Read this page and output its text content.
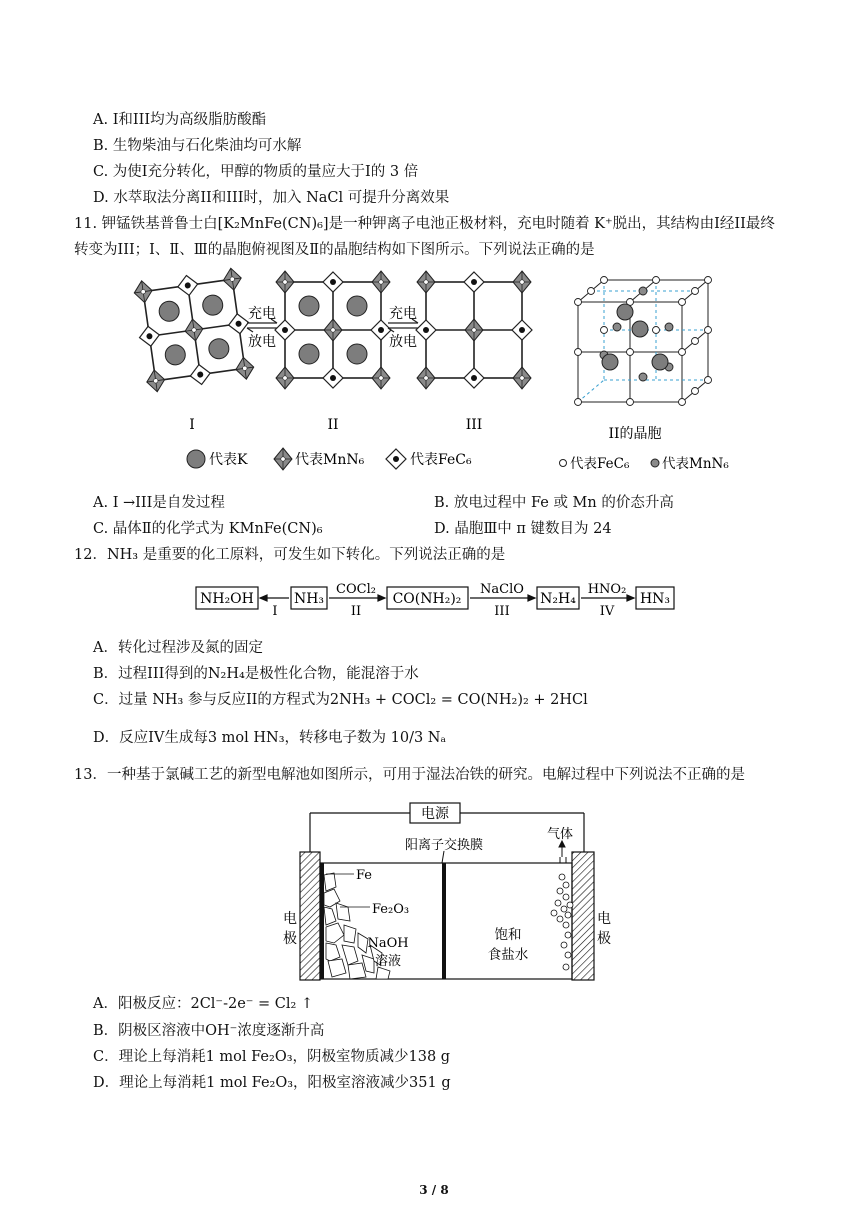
A. I和III均为高级脂肪酸酯
B. 生物柴油与石化柴油均可水解
C. 为使I充分转化，甲醇的物质的量应大于I的 3 倍
D. 水萃取法分离II和III时，加入 NaCl 可提升分离效果
11. 钾锰铁基普鲁士白[K₂MnFe(CN)₆]是一种钾离子电池正极材料，充电时随着 K⁺脱出，其结构由I经II最终
转变为III；Ⅰ、Ⅱ、Ⅲ的晶胞俯视图及Ⅱ的晶胞结构如下图所示。下列说法正确的是
充电
放电
充电
放电
I	II	III
II的晶胞
代表K	代表MnN₆	代表FeC₆	代表FeC₆ 代表MnN₆
A. I →III是自发过程	B. 放电过程中 Fe 或 Mn 的价态升高
C. 晶体Ⅱ的化学式为 KMnFe(CN)₆	D. 晶胞Ⅲ中 π 键数目为 24
12．NH₃ 是重要的化工原料，可发生如下转化。下列说法正确的是
NH₂OH	NH₃	CO(NH₂)₂	N₂H₄	HN₃
I
COCl₂
II
NaClO
III
HNO₂
IV
A．转化过程涉及氮的固定
B．过程III得到的N₂H₄是极性化合物，能混溶于水
C．过量 NH₃ 参与反应II的方程式为2NH₃ + COCl₂ = CO(NH₂)₂ + 2HCl
D．反应IV生成每3 mol HN₃，转移电子数为 10/3 Nₐ
13．一种基于氯碱工艺的新型电解池如图所示，可用于湿法冶铁的研究。电解过程中下列说法不正确的是
电源
气体
阳离子交换膜
Fe
Fe₂O₃
NaOH
溶液
饱和
食盐水
电
极
电
极
A．阳极反应：2Cl⁻-2e⁻ = Cl₂ ↑
B．阴极区溶液中OH⁻浓度逐渐升高
C．理论上每消耗1 mol Fe₂O₃，阴极室物质减少138 g
D．理论上每消耗1 mol Fe₂O₃，阳极室溶液减少351 g
3 / 8
